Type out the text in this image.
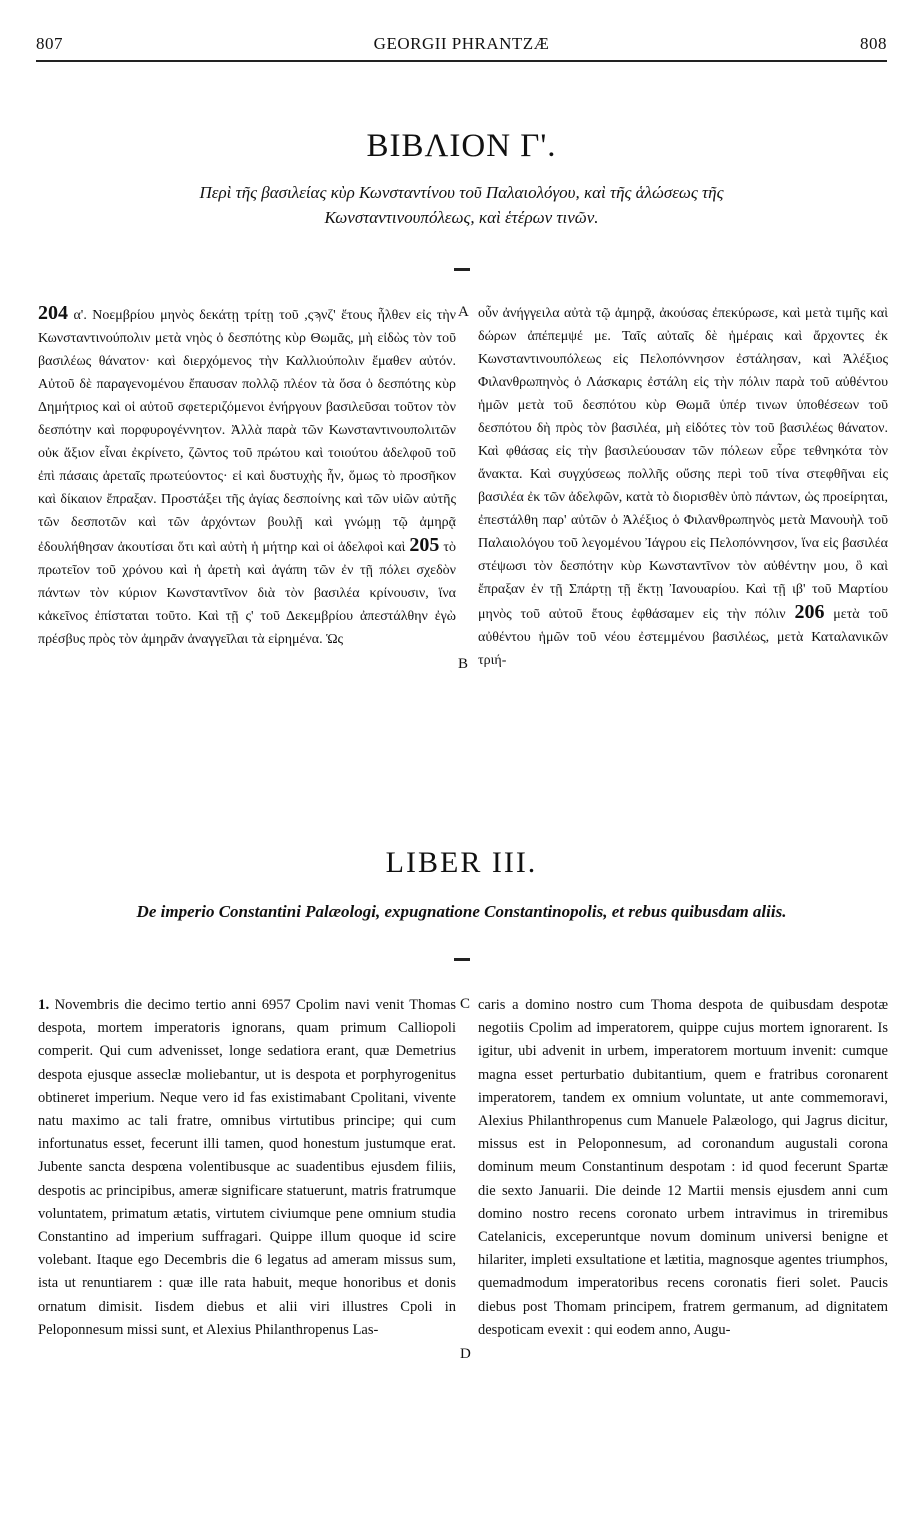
807	GEORGII PHRANTZÆ	808
ΒΙΒΛΙΟΝ Γ'.
Περὶ τῆς βασιλείας κὺρ Κωνσταντίνου τοῦ Παλαιολόγου, καὶ τῆς ἁλώσεως τῆς
Κωνσταντινουπόλεως, καὶ ἑτέρων τινῶν.

204 α'. Νοεμβρίου μηνὸς δεκάτῃ τρίτῃ τοῦ ,ςϡνζ' ἔτους ἦλθεν εἰς τὴν Κωνσταντινούπολιν μετὰ νηὸς ὁ δεσπότης κὺρ Θωμᾶς, μὴ εἰδὼς τὸν τοῦ βασιλέως θάνατον· καὶ διερχόμενος τὴν Καλλιούπολιν ἔμαθεν αὐτόν. Αὐτοῦ δὲ παραγενομένου ἔπαυσαν πολλῷ πλέον τὰ ὅσα ὁ δεσπότης κὺρ Δημήτριος καὶ οἱ αὐτοῦ σφετεριζόμενοι ἐνήργουν βασιλεῦσαι τοῦτον τὸν δεσπότην καὶ πορφυρογέννητον. Ἀλλὰ παρὰ τῶν Κωνσταντινουπολιτῶν οὐκ ἄξιον εἶναι ἐκρίνετο, ζῶντος τοῦ πρώτου καὶ τοιούτου ἀδελφοῦ τοῦ ἐπὶ πάσαις ἀρεταῖς πρωτεύοντος· εἰ καὶ δυστυχὴς ἦν, ὅμως τὸ προσῆκον καὶ δίκαιον ἔπραξαν. Προστάξει τῆς ἁγίας δεσποίνης καὶ τῶν υἱῶν αὐτῆς τῶν δεσποτῶν καὶ τῶν ἀρχόντων βουλῇ καὶ γνώμῃ τῷ ἀμηρᾷ ἐδουλήθησαν ἀκουτίσαι ὅτι καὶ αὐτὴ ἡ μήτηρ καὶ οἱ ἀδελφοὶ καὶ 205 τὸ πρωτεῖον τοῦ χρόνου καὶ ἡ ἀρετὴ καὶ ἀγάπη τῶν ἐν τῇ πόλει σχεδὸν πάντων τὸν κύριον Κωνσταντῖνον διὰ τὸν βασιλέα κρίνουσιν, ἵνα κἀκεῖνος ἐπίσταται τοῦτο. Καὶ τῇ ς' τοῦ Δεκεμβρίου ἀπεστάλθην ἐγὼ πρέσβυς πρὸς τὸν ἀμηρᾶν ἀναγγεῖλαι τὰ εἰρημένα. Ὡς

A
B

οὖν ἀνήγγειλα αὐτὰ τῷ ἀμηρᾷ, ἀκούσας ἐπεκύρωσε, καὶ μετὰ τιμῆς καὶ δώρων ἀπέπεμψέ με. Ταῖς αὐταῖς δὲ ἡμέραις καὶ ἄρχοντες ἐκ Κωνσταντινουπόλεως εἰς Πελοπόννησον ἐστάλησαν, καὶ Ἀλέξιος Φιλανθρωπηνὸς ὁ Λάσκαρις ἐστάλη εἰς τὴν πόλιν παρὰ τοῦ αὐθέντου ἡμῶν μετὰ τοῦ δεσπότου κὺρ Θωμᾶ ὑπέρ τινων ὑποθέσεων τοῦ δεσπότου δὴ πρὸς τὸν βασιλέα, μὴ εἰδότες τὸν τοῦ βασιλέως θάνατον. Καὶ φθάσας εἰς τὴν βασιλεύουσαν τῶν πόλεων εὗρε τεθνηκότα τὸν ἄνακτα. Καὶ συγχύσεως πολλῆς οὔσης περὶ τοῦ τίνα στεφθῆναι εἰς βασιλέα ἐκ τῶν ἀδελφῶν, κατὰ τὸ διορισθὲν ὑπὸ πάντων, ὡς προείρηται, ἐπεστάλθη παρ' αὐτῶν ὁ Ἀλέξιος ὁ Φιλανθρωπηνὸς μετὰ Μανουὴλ τοῦ Παλαιολόγου τοῦ λεγομένου Ἰάγρου εἰς Πελοπόννησον, ἵνα εἰς βασιλέα στέψωσι τὸν δεσπότην κὺρ Κωνσταντῖνον τὸν αὐθέντην μου, ὃ καὶ ἔπραξαν ἐν τῇ Σπάρτῃ τῇ ἕκτῃ Ἰανουαρίου. Καὶ τῇ ιβ' τοῦ Μαρτίου μηνὸς τοῦ αὐτοῦ ἔτους ἐφθάσαμεν εἰς τὴν πόλιν 206 μετὰ τοῦ αὐθέντου ἡμῶν τοῦ νέου ἐστεμμένου βασιλέως, μετὰ Καταλανικῶν τριή-

LIBER III.
De imperio Constantini Palæologi, expugnatione Constantinopolis, et rebus quibusdam aliis.

1. Novembris die decimo tertio anni 6957 Cpolim navi venit Thomas despota, mortem imperatoris ignorans, quam primum Calliopoli comperit. Qui cum advenisset, longe sedatiora erant, quæ Demetrius despota ejusque asseclæ moliebantur, ut is despota et porphyrogenitus obtineret imperium. Neque vero id fas existimabant Cpolitani, vivente natu maximo ac tali fratre, omnibus virtutibus principe; qui cum infortunatus esset, fecerunt illi tamen, quod honestum justumque erat. Jubente sancta despœna volentibusque ac suadentibus ejusdem filiis, despotis ac principibus, ameræ significare statuerunt, matris fratrumque voluntatem, primatum ætatis, virtutem civiumque pene omnium studia Constantino ad imperium suffragari. Quippe illum quoque id scire volebant. Itaque ego Decembris die 6 legatus ad ameram missus sum, ista ut renuntiarem : quæ ille rata habuit, meque honoribus et donis ornatum dimisit. Iisdem diebus et alii viri illustres Cpoli in Peloponnesum missi sunt, et Alexius Philanthropenus Las-

C
D

caris a domino nostro cum Thoma despota de quibusdam despotæ negotiis Cpolim ad imperatorem, quippe cujus mortem ignorarent. Is igitur, ubi advenit in urbem, imperatorem mortuum invenit: cumque magna esset perturbatio dubitantium, quem e fratribus coronarent imperatorem, tandem ex omnium voluntate, ut ante commemoravi, Alexius Philanthropenus cum Manuele Palæologo, qui Jagrus dicitur, missus est in Peloponnesum, ad coronandum augustali corona dominum meum Constantinum despotam : id quod fecerunt Spartæ die sexto Januarii. Die deinde 12 Martii mensis ejusdem anni cum domino nostro recens coronato urbem intravimus in triremibus Catelanicis, exceperuntque novum dominum universi benigne et hilariter, impleti exsultatione et lætitia, magnosque agentes triumphos, quemadmodum imperatoribus recens coronatis fieri solet. Paucis diebus post Thomam principem, fratrem germanum, ad dignitatem despoticam evexit : qui eodem anno, Augu-
